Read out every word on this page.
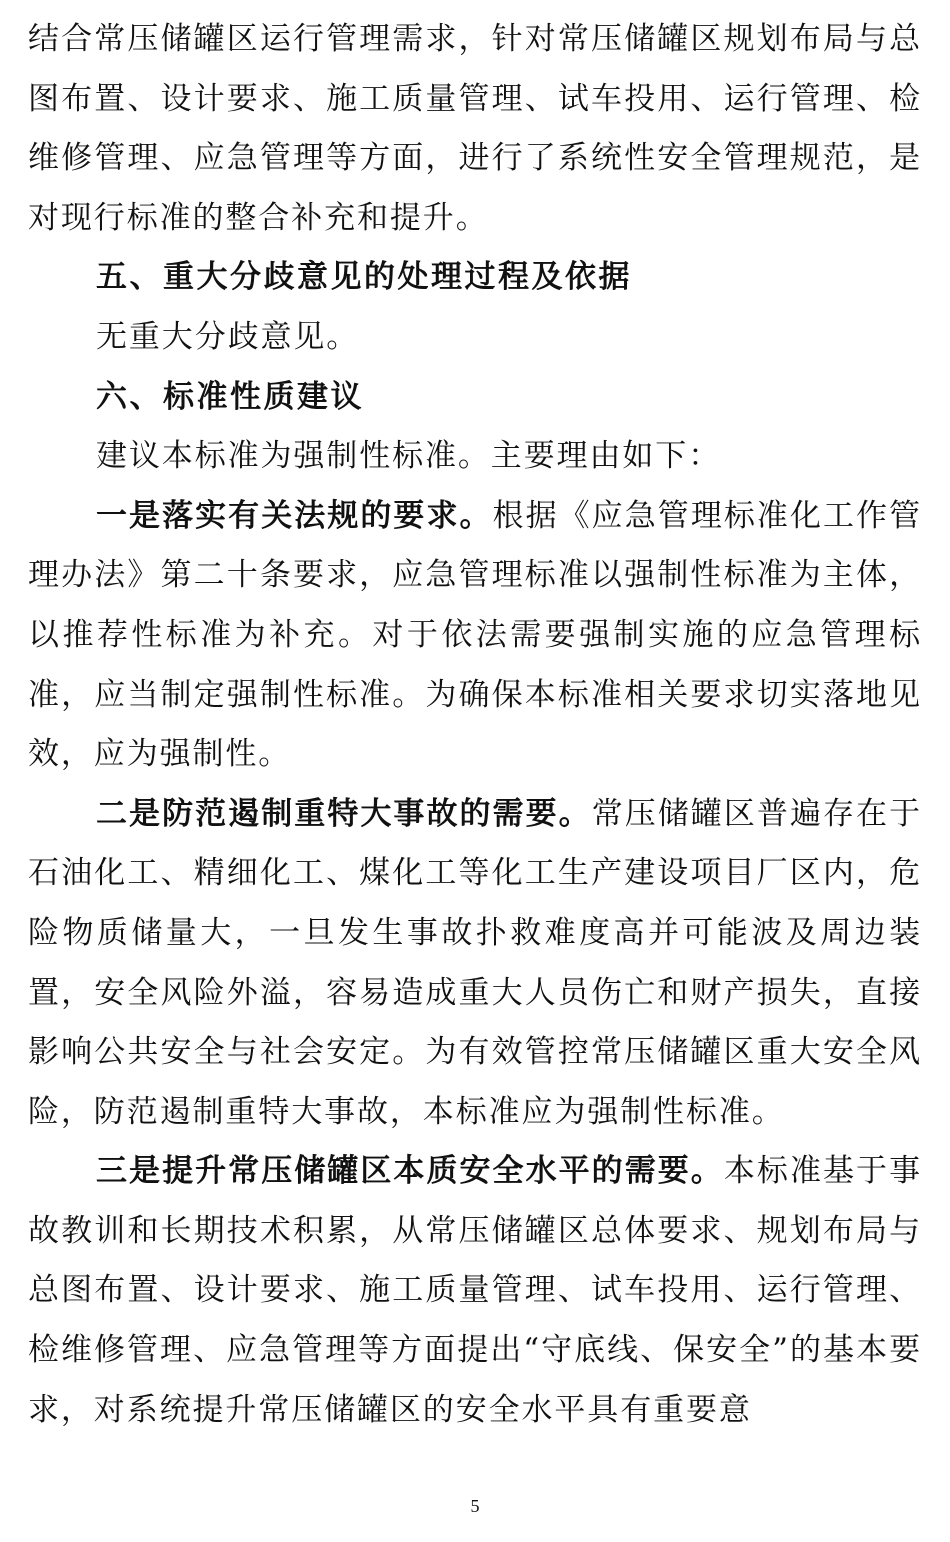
结合常压储罐区运行管理需求，针对常压储罐区规划布局与总图布置、设计要求、施工质量管理、试车投用、运行管理、检维修管理、应急管理等方面，进行了系统性安全管理规范，是对现行标准的整合补充和提升。

五、重大分歧意见的处理过程及依据

无重大分歧意见。

六、标准性质建议

建议本标准为强制性标准。主要理由如下：

一是落实有关法规的要求。根据《应急管理标准化工作管理办法》第二十条要求，应急管理标准以强制性标准为主体，以推荐性标准为补充。对于依法需要强制实施的应急管理标准，应当制定强制性标准。为确保本标准相关要求切实落地见效，应为强制性。

二是防范遏制重特大事故的需要。常压储罐区普遍存在于石油化工、精细化工、煤化工等化工生产建设项目厂区内，危险物质储量大，一旦发生事故扑救难度高并可能波及周边装置，安全风险外溢，容易造成重大人员伤亡和财产损失，直接影响公共安全与社会安定。为有效管控常压储罐区重大安全风险，防范遏制重特大事故，本标准应为强制性标准。

三是提升常压储罐区本质安全水平的需要。本标准基于事故教训和长期技术积累，从常压储罐区总体要求、规划布局与总图布置、设计要求、施工质量管理、试车投用、运行管理、检维修管理、应急管理等方面提出“守底线、保安全”的基本要求，对系统提升常压储罐区的安全水平具有重要意

5
